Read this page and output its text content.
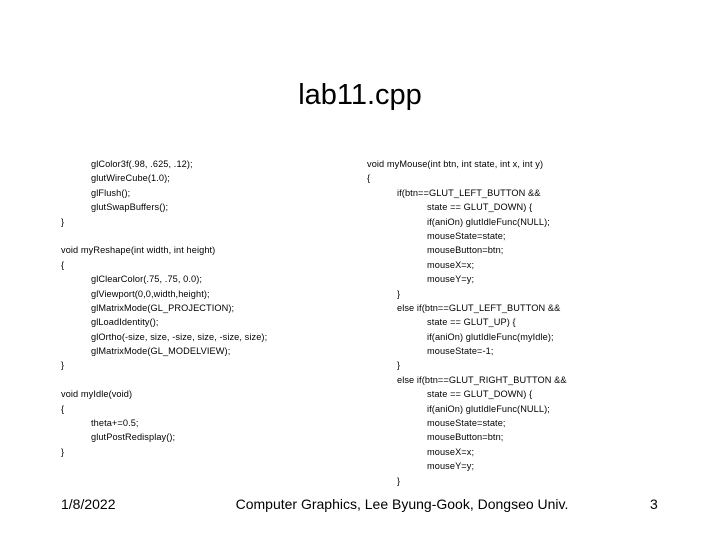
lab11.cpp
glColor3f(.98, .625, .12);
glutWireCube(1.0);
glFlush();
glutSwapBuffers();
}
void myReshape(int width, int height)
{
glClearColor(.75, .75, 0.0);
glViewport(0,0,width,height);
glMatrixMode(GL_PROJECTION);
glLoadIdentity();
glOrtho(-size, size, -size, size, -size, size);
glMatrixMode(GL_MODELVIEW);
}
void myIdle(void)
{
theta+=0.5;
glutPostRedisplay();
}
void myMouse(int btn, int state, int x, int y)
{
if(btn==GLUT_LEFT_BUTTON &&
state == GLUT_DOWN) {
if(aniOn) glutIdleFunc(NULL);
mouseState=state;
mouseButton=btn;
mouseX=x;
mouseY=y;
}
else if(btn==GLUT_LEFT_BUTTON &&
state == GLUT_UP) {
if(aniOn) glutIdleFunc(myIdle);
mouseState=-1;
}
else if(btn==GLUT_RIGHT_BUTTON &&
state == GLUT_DOWN) {
if(aniOn) glutIdleFunc(NULL);
mouseState=state;
mouseButton=btn;
mouseX=x;
mouseY=y;
}
1/8/2022	Computer Graphics, Lee Byung-Gook, Dongseo Univ.	3
